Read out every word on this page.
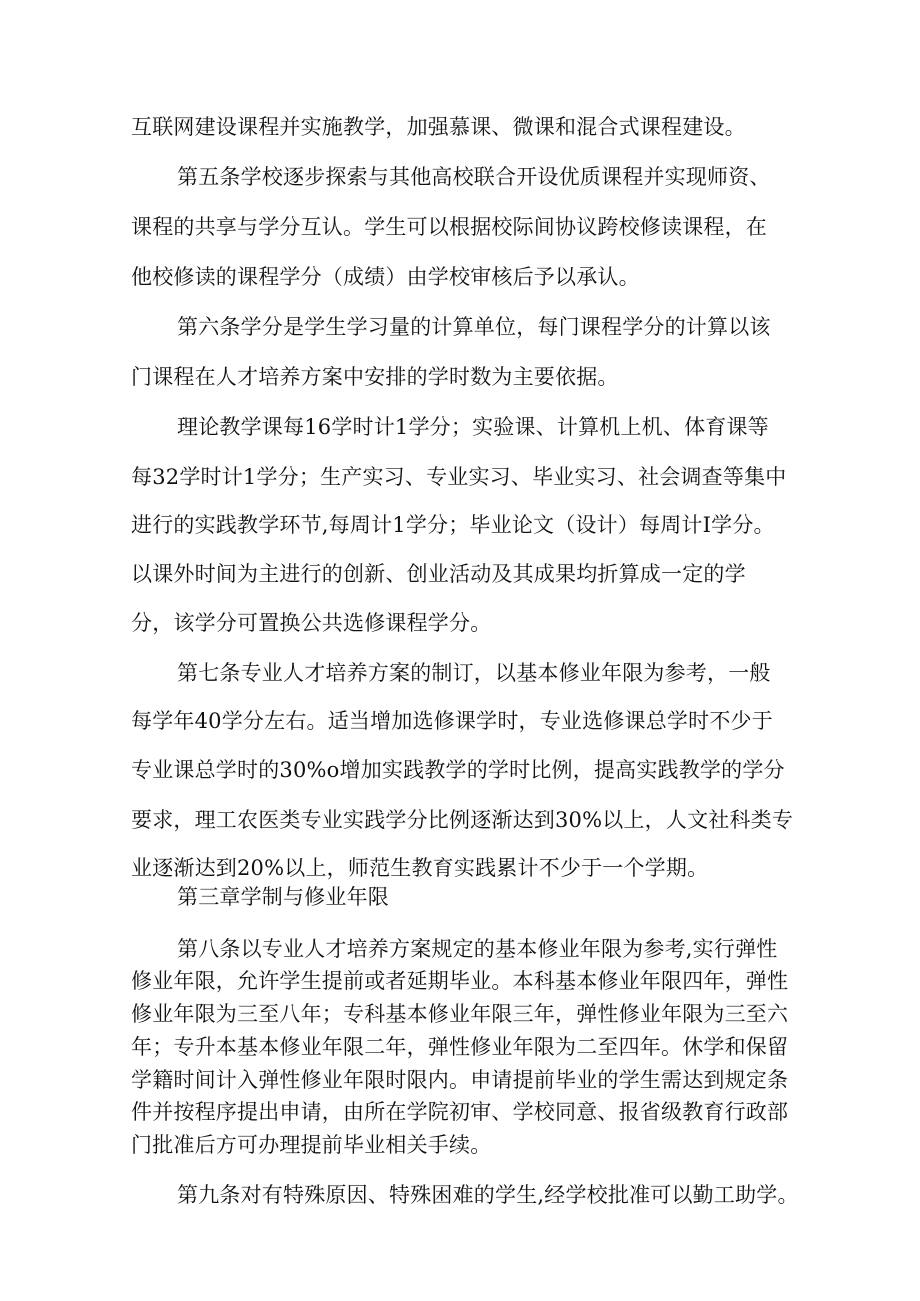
互联网建设课程并实施教学，加强慕课、微课和混合式课程建设。
第五条学校逐步探索与其他高校联合开设优质课程并实现师资、
课程的共享与学分互认。学生可以根据校际间协议跨校修读课程，在
他校修读的课程学分（成绩）由学校审核后予以承认。
第六条学分是学生学习量的计算单位，每门课程学分的计算以该
门课程在人才培养方案中安排的学时数为主要依据。
理论教学课每16学时计1学分；实验课、计算机上机、体育课等
每32学时计1学分；生产实习、专业实习、毕业实习、社会调查等集中
进行的实践教学环节,每周计1学分；毕业论文（设计）每周计I学分。
以课外时间为主进行的创新、创业活动及其成果均折算成一定的学
分，该学分可置换公共选修课程学分。
第七条专业人才培养方案的制订，以基本修业年限为参考，一般
每学年40学分左右。适当增加选修课学时，专业选修课总学时不少于
专业课总学时的30%o增加实践教学的学时比例，提高实践教学的学分
要求，理工农医类专业实践学分比例逐渐达到30%以上，人文社科类专
业逐渐达到20%以上，师范生教育实践累计不少于一个学期。
第三章学制与修业年限
第八条以专业人才培养方案规定的基本修业年限为参考,实行弹性
修业年限，允许学生提前或者延期毕业。本科基本修业年限四年，弹性
修业年限为三至八年；专科基本修业年限三年，弹性修业年限为三至六
年；专升本基本修业年限二年，弹性修业年限为二至四年。休学和保留
学籍时间计入弹性修业年限时限内。申请提前毕业的学生需达到规定条
件并按程序提出申请，由所在学院初审、学校同意、报省级教育行政部
门批准后方可办理提前毕业相关手续。
第九条对有特殊原因、特殊困难的学生,经学校批准可以勤工助学。
